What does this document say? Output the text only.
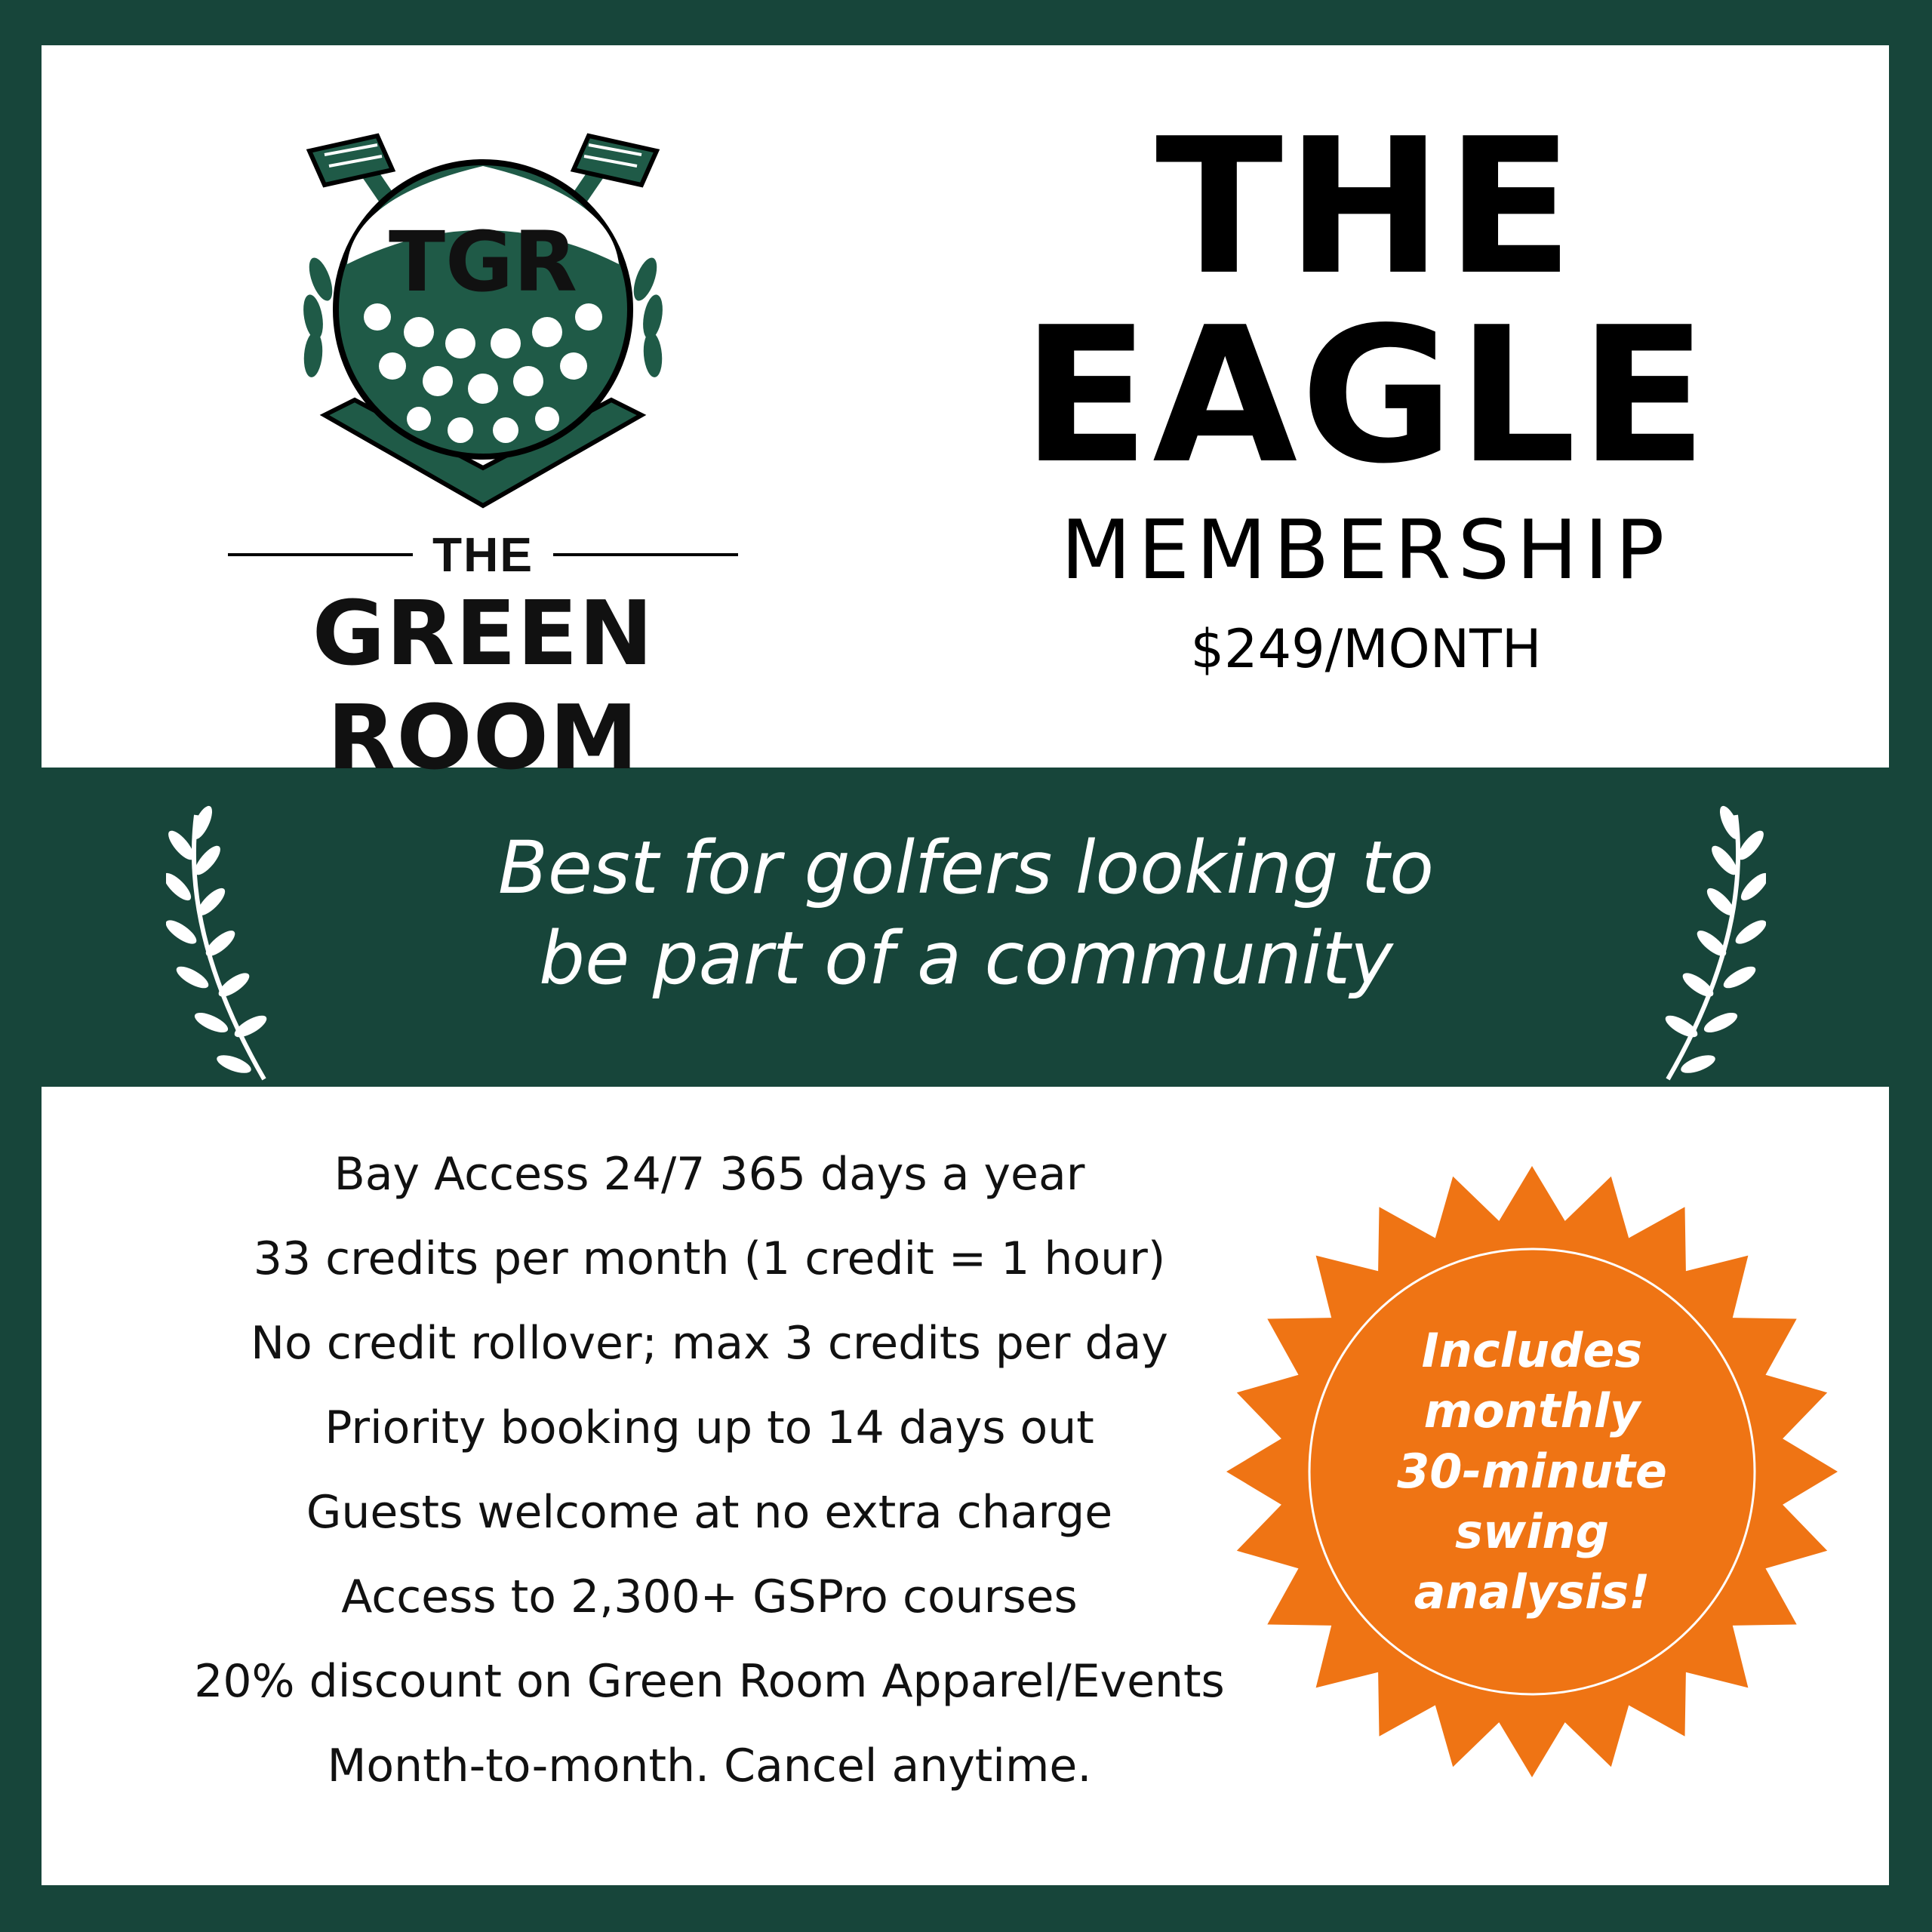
TGR
THE
GREEN ROOM
THE
EAGLE
MEMBERSHIP
$249/MONTH
Best for golfers looking to
be part of a community
Bay Access 24/7 365 days a year
33 credits per month (1 credit = 1 hour)
No credit rollover; max 3 credits per day
Priority booking up to 14 days out
Guests welcome at no extra charge
Access to 2,300+ GSPro courses
20% discount on Green Room Apparel/Events
Month-to-month. Cancel anytime.
Includes
monthly
30-minute
swing
analysis!
